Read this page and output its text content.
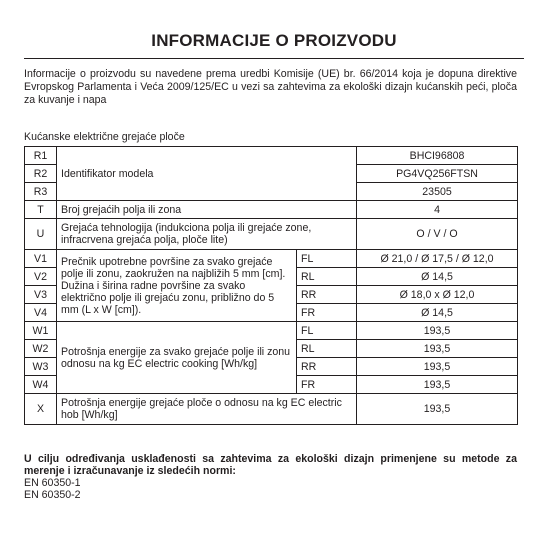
INFORMACIJE O PROIZVODU
Informacije o proizvodu su navedene prema uredbi Komisije (UE) br. 66/2014 koja je dopuna direktive Evropskog Parlamenta i Veća 2009/125/EC u vezi sa zahtevima za ekološki dizajn kućanskih peći, ploča za kuvanje i napa
Kućanske električne grejaće ploče
R1	Identifikator modela		BHCI96808
R2			PG4VQ256FTSN
R3			23505
T	Broj grejaćih polja ili zona		4
U	Grejaća tehnologija (indukciona polja ili grejaće zone, infracrvena grejaća polja, ploče lite)		O / V / O
V1	Prečnik upotrebne površine za svako grejaće polje ili zonu, zaokružen na najbližih 5 mm [cm]. Dužina i širina radne površine za svako električno polje ili grejaću zonu, približno do 5 mm (L x W [cm]).	FL	Ø 21,0 / Ø 17,5 / Ø 12,0
V2		RL	Ø 14,5
V3		RR	Ø 18,0 x Ø 12,0
V4		FR	Ø 14,5
W1	Potrošnja energije za svako grejaće polje ili zonu odnosu na kg EC electric cooking [Wh/kg]	FL	193,5
W2		RL	193,5
W3		RR	193,5
W4		FR	193,5
X	Potrošnja energije grejaće ploče o odnosu na kg EC electric hob [Wh/kg]		193,5
U cilju određivanja usklađenosti sa zahtevima za ekološki dizajn primenjene su metode za merenje i izračunavanje iz sledećih normi:
EN 60350-1
EN 60350-2
